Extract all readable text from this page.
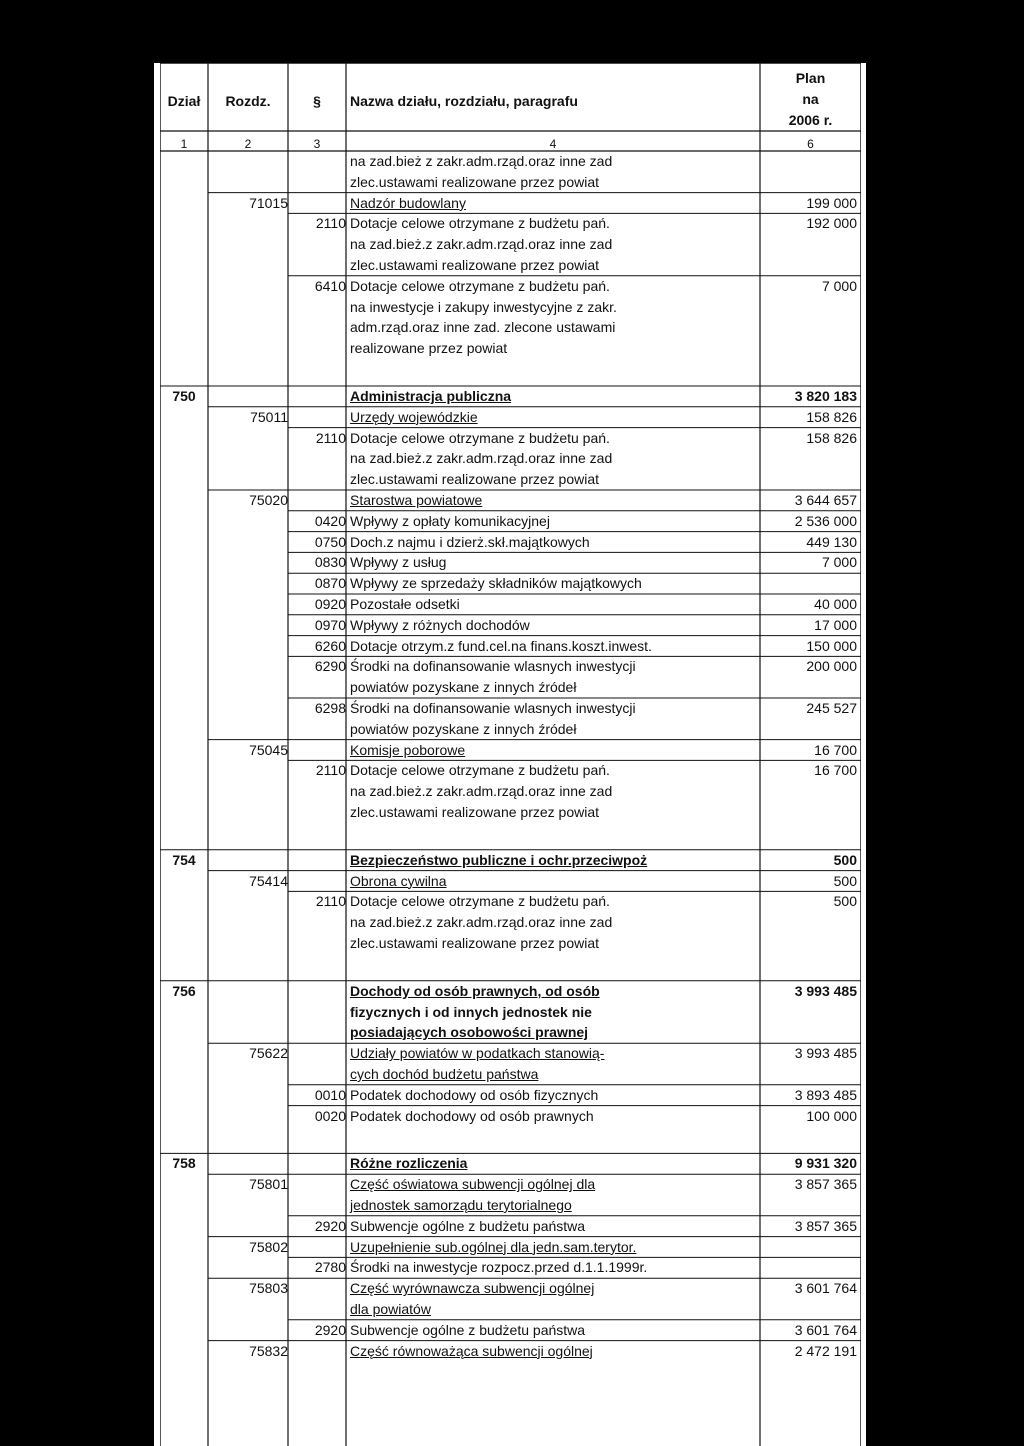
Dział	Rozdz.	§	Nazwa działu, rozdziału, paragrafu
Plan
na
2006 r.
1	2	3	4	6
na zad.bież z zakr.adm.rząd.oraz inne zad
zlec.ustawami realizowane przez powiat
71015	Nadzór budowlany	199 000
2110 Dotacje celowe otrzymane z budżetu pań.	192 000
na zad.bież.z zakr.adm.rząd.oraz inne zad
zlec.ustawami realizowane przez powiat
6410 Dotacje celowe otrzymane z budżetu pań.	7 000
na inwestycje i zakupy inwestycyjne z zakr.
adm.rząd.oraz inne zad. zlecone ustawami
realizowane przez powiat
750	Administracja publiczna	3 820 183
75011	Urzędy wojewódzkie	158 826
2110 Dotacje celowe otrzymane z budżetu pań.	158 826
na zad.bież.z zakr.adm.rząd.oraz inne zad
zlec.ustawami realizowane przez powiat
75020	Starostwa powiatowe	3 644 657
0420 Wpływy z opłaty komunikacyjnej	2 536 000
0750 Doch.z najmu i dzierż.skł.majątkowych	449 130
0830 Wpływy z usług	7 000
0870 Wpływy ze sprzedaży składników majątkowych
0920 Pozostałe odsetki	40 000
0970 Wpływy z różnych dochodów	17 000
6260 Dotacje otrzym.z fund.cel.na finans.koszt.inwest.	150 000
6290 Środki na dofinansowanie wlasnych inwestycji	200 000
powiatów pozyskane z innych źródeł
6298 Środki na dofinansowanie wlasnych inwestycji	245 527
powiatów pozyskane z innych źródeł
75045	Komisje poborowe	16 700
2110 Dotacje celowe otrzymane z budżetu pań.	16 700
na zad.bież.z zakr.adm.rząd.oraz inne zad
zlec.ustawami realizowane przez powiat
754	Bezpieczeństwo publiczne i ochr.przeciwpoż	500
75414	Obrona cywilna	500
2110 Dotacje celowe otrzymane z budżetu pań.	500
na zad.bież.z zakr.adm.rząd.oraz inne zad
zlec.ustawami realizowane przez powiat
756	Dochody od osób prawnych, od osób	3 993 485
fizycznych i od innych jednostek nie
posiadających osobowości prawnej
75622	Udziały powiatów w podatkach stanowią-	3 993 485
cych dochód budżetu państwa
0010 Podatek dochodowy od osób fizycznych	3 893 485
0020 Podatek dochodowy od osób prawnych	100 000
758	Różne rozliczenia	9 931 320
75801	Część oświatowa subwencji ogólnej dla	3 857 365
jednostek samorządu terytorialnego
2920 Subwencje ogólne z budżetu państwa	3 857 365
75802	Uzupełnienie sub.ogólnej dla jedn.sam.terytor.
2780 Środki na inwestycje rozpocz.przed d.1.1.1999r.
75803	Część wyrównawcza subwencji ogólnej	3 601 764
dla powiatów
2920 Subwencje ogólne z budżetu państwa	3 601 764
75832	Część równoważąca subwencji ogólnej	2 472 191
